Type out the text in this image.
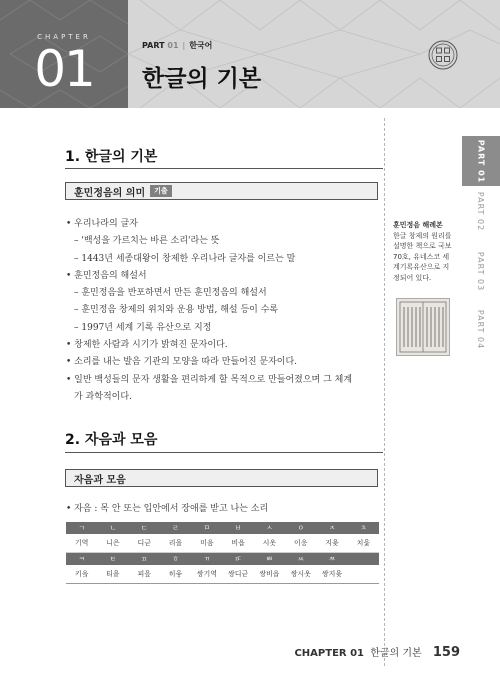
CHAPTER
01	PART 01 | 한국어
한글의 기본
PART 01
PART 02
PART 03
PART 04
훈민정음 해례본
한글 창제의 원리를 설명한 책으로 국보 70호, 유네스코 세계기록유산으로 지정되어 있다.
1. 한글의 기본
훈민정음의 의미	기출
• 우리나라의 글자
– '백성을 가르치는 바른 소리'라는 뜻
– 1443년 세종대왕이 창제한 우리나라 글자를 이르는 말
• 훈민정음의 해설서
– 훈민정음을 반포하면서 만든 훈민정음의 해설서
– 훈민정음 창제의 위치와 운용 방법, 해설 등이 수록
– 1997년 세계 기록 유산으로 지정
• 창제한 사람과 시기가 밝혀진 문자이다.
• 소리를 내는 발음 기관의 모양을 따라 만들어진 문자이다.
• 일반 백성들의 문자 생활을 편리하게 할 목적으로 만들어졌으며 그 체계
가 과학적이다.
2. 자음과 모음
자음과 모음
• 자음 : 목 안 또는 입안에서 장애를 받고 나는 소리
ㄱ	ㄴ	ㄷ	ㄹ	ㅁ	ㅂ	ㅅ	ㅇ	ㅈ	ㅊ
기역	니은	디귿	리을	미음	비읍	시옷	이응	지읒	치읓
ㅋ	ㅌ	ㅍ	ㅎ	ㄲ	ㄸ	ㅃ	ㅆ	ㅉ	
키읔	티읕	피읖	히읗	쌍기역	쌍디귿	쌍비읍	쌍시옷	쌍지읒	
CHAPTER 01 한글의 기본 159
